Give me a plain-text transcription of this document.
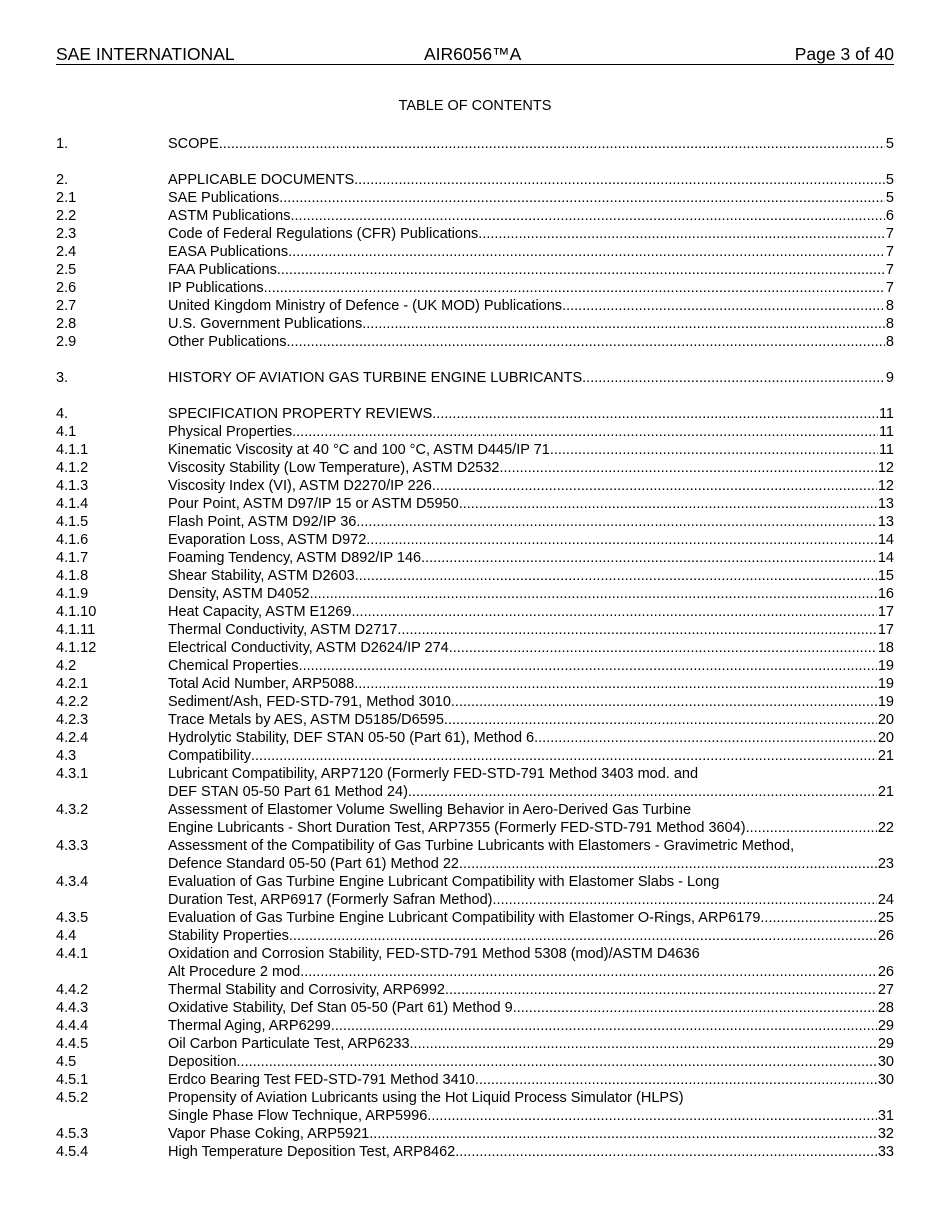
SAE INTERNATIONAL	AIR6056™A	Page 3 of 40
TABLE OF CONTENTS
1.	SCOPE .....	5
2.	APPLICABLE DOCUMENTS .....	5
2.1	SAE Publications .....	5
2.2	ASTM Publications .....	6
2.3	Code of Federal Regulations (CFR) Publications .....	7
2.4	EASA Publications .....	7
2.5	FAA Publications .....	7
2.6	IP Publications .....	7
2.7	United Kingdom Ministry of Defence - (UK MOD) Publications .....	8
2.8	U.S. Government Publications .....	8
2.9	Other Publications .....	8
3.	HISTORY OF AVIATION GAS TURBINE ENGINE LUBRICANTS .....	9
4.	SPECIFICATION PROPERTY REVIEWS .....	11
4.1	Physical Properties .....	11
4.1.1	Kinematic Viscosity at 40 °C and 100 °C, ASTM D445/IP 71 .....	11
4.1.2	Viscosity Stability (Low Temperature), ASTM D2532 .....	12
4.1.3	Viscosity Index (VI), ASTM D2270/IP 226 .....	12
4.1.4	Pour Point, ASTM D97/IP 15 or ASTM D5950 .....	13
4.1.5	Flash Point, ASTM D92/IP 36 .....	13
4.1.6	Evaporation Loss, ASTM D972 .....	14
4.1.7	Foaming Tendency, ASTM D892/IP 146 .....	14
4.1.8	Shear Stability, ASTM D2603 .....	15
4.1.9	Density, ASTM D4052 .....	16
4.1.10	Heat Capacity, ASTM E1269 .....	17
4.1.11	Thermal Conductivity, ASTM D2717 .....	17
4.1.12	Electrical Conductivity, ASTM D2624/IP 274 .....	18
4.2	Chemical Properties .....	19
4.2.1	Total Acid Number, ARP5088 .....	19
4.2.2	Sediment/Ash, FED-STD-791, Method 3010 .....	19
4.2.3	Trace Metals by AES, ASTM D5185/D6595 .....	20
4.2.4	Hydrolytic Stability, DEF STAN 05-50 (Part 61), Method 6 .....	20
4.3	Compatibility .....	21
4.3.1	Lubricant Compatibility, ARP7120 (Formerly FED-STD-791 Method 3403 mod. and
DEF STAN 05-50 Part 61 Method 24) .....	21
4.3.2	Assessment of Elastomer Volume Swelling Behavior in Aero-Derived Gas Turbine
Engine Lubricants - Short Duration Test, ARP7355 (Formerly FED-STD-791 Method 3604) .....	22
4.3.3	Assessment of the Compatibility of Gas Turbine Lubricants with Elastomers - Gravimetric Method,
Defence Standard 05-50 (Part 61) Method 22 .....	23
4.3.4	Evaluation of Gas Turbine Engine Lubricant Compatibility with Elastomer Slabs - Long
Duration Test, ARP6917 (Formerly Safran Method) .....	24
4.3.5	Evaluation of Gas Turbine Engine Lubricant Compatibility with Elastomer O-Rings, ARP6179 .....	25
4.4	Stability Properties .....	26
4.4.1	Oxidation and Corrosion Stability, FED-STD-791 Method 5308 (mod)/ASTM D4636
Alt Procedure 2 mod .....	26
4.4.2	Thermal Stability and Corrosivity, ARP6992 .....	27
4.4.3	Oxidative Stability, Def Stan 05-50 (Part 61) Method 9 .....	28
4.4.4	Thermal Aging, ARP6299 .....	29
4.4.5	Oil Carbon Particulate Test, ARP6233 .....	29
4.5	Deposition .....	30
4.5.1	Erdco Bearing Test FED-STD-791 Method 3410 .....	30
4.5.2	Propensity of Aviation Lubricants using the Hot Liquid Process Simulator (HLPS)
Single Phase Flow Technique, ARP5996 .....	31
4.5.3	Vapor Phase Coking, ARP5921 .....	32
4.5.4	High Temperature Deposition Test, ARP8462 .....	33
